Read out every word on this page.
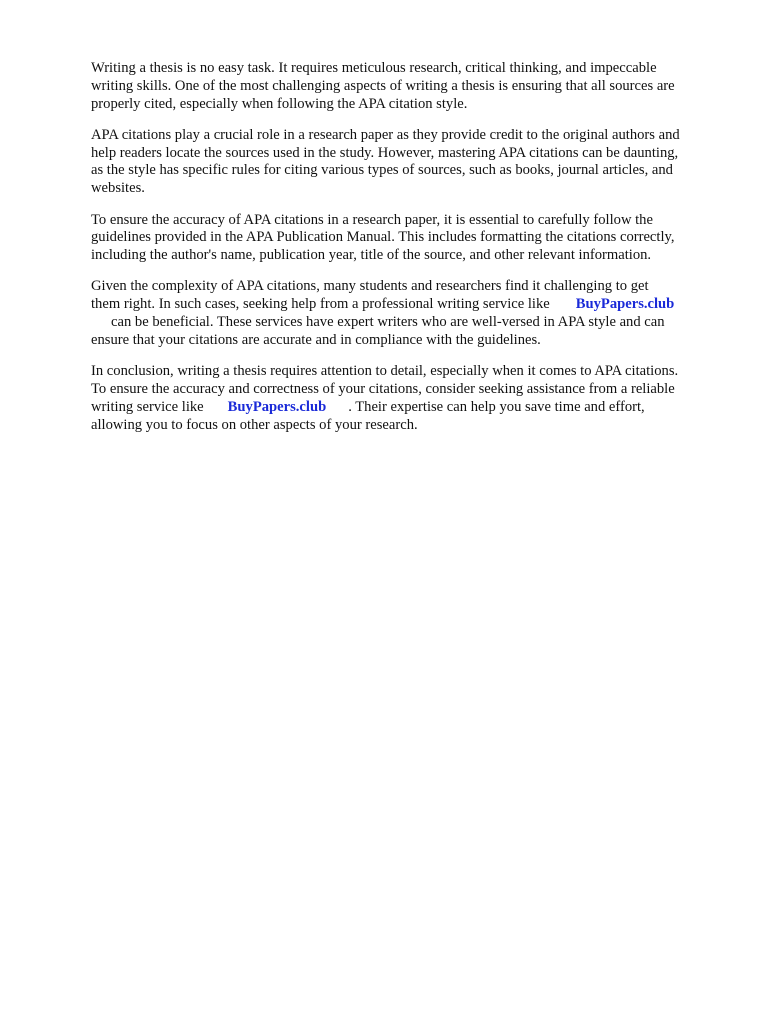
Writing a thesis is no easy task. It requires meticulous research, critical thinking, and impeccable
writing skills. One of the most challenging aspects of writing a thesis is ensuring that all sources are
properly cited, especially when following the APA citation style.

APA citations play a crucial role in a research paper as they provide credit to the original authors and
help readers locate the sources used in the study. However, mastering APA citations can be daunting,
as the style has specific rules for citing various types of sources, such as books, journal articles, and
websites.

To ensure the accuracy of APA citations in a research paper, it is essential to carefully follow the
guidelines provided in the APA Publication Manual. This includes formatting the citations correctly,
including the author's name, publication year, title of the source, and other relevant information.

Given the complexity of APA citations, many students and researchers find it challenging to get
them right. In such cases, seeking help from a professional writing service like BuyPapers.club
can be beneficial. These services have expert writers who are well-versed in APA style and can
ensure that your citations are accurate and in compliance with the guidelines.

In conclusion, writing a thesis requires attention to detail, especially when it comes to APA citations.
To ensure the accuracy and correctness of your citations, consider seeking assistance from a reliable
writing service like BuyPapers.club . Their expertise can help you save time and effort,
allowing you to focus on other aspects of your research.
